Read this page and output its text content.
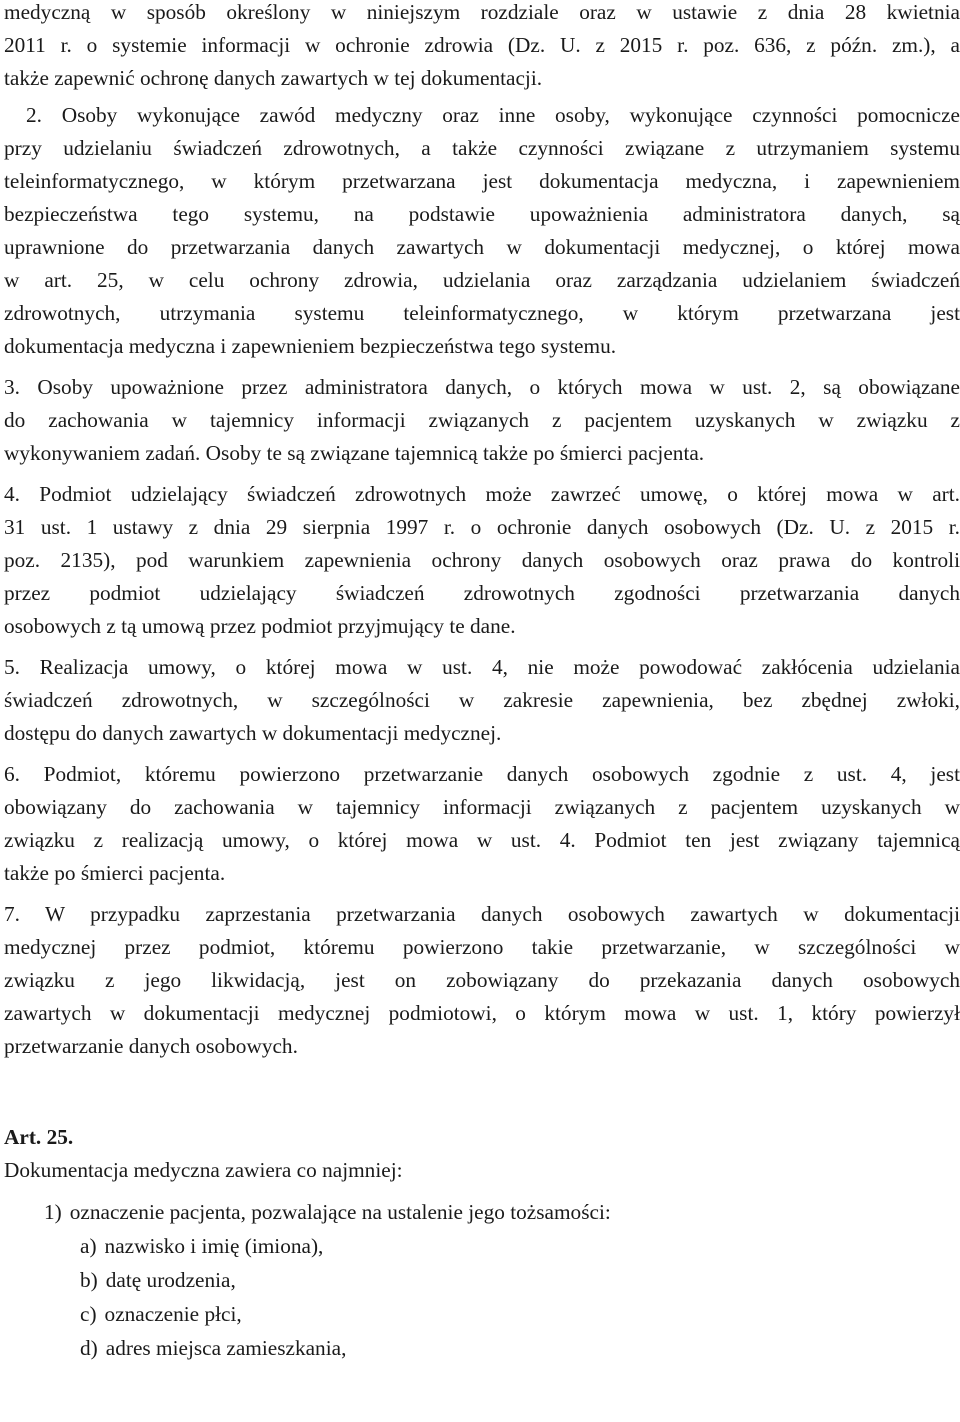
medyczną w sposób określony w niniejszym rozdziale oraz w ustawie z dnia 28 kwietnia
2011 r. o systemie informacji w ochronie zdrowia (Dz. U. z 2015 r. poz. 636, z późn. zm.), a
także zapewnić ochronę danych zawartych w tej dokumentacji.

2. Osoby wykonujące zawód medyczny oraz inne osoby, wykonujące czynności pomocnicze
przy udzielaniu świadczeń zdrowotnych, a także czynności związane z utrzymaniem systemu
teleinformatycznego, w którym przetwarzana jest dokumentacja medyczna, i zapewnieniem
bezpieczeństwa tego systemu, na podstawie upoważnienia administratora danych, są
uprawnione do przetwarzania danych zawartych w dokumentacji medycznej, o której mowa
w art. 25, w celu ochrony zdrowia, udzielania oraz zarządzania udzielaniem świadczeń
zdrowotnych, utrzymania systemu teleinformatycznego, w którym przetwarzana jest
dokumentacja medyczna i zapewnieniem bezpieczeństwa tego systemu.

3. Osoby upoważnione przez administratora danych, o których mowa w ust. 2, są obowiązane
do zachowania w tajemnicy informacji związanych z pacjentem uzyskanych w związku z
wykonywaniem zadań. Osoby te są związane tajemnicą także po śmierci pacjenta.

4. Podmiot udzielający świadczeń zdrowotnych może zawrzeć umowę, o której mowa w art.
31 ust. 1 ustawy z dnia 29 sierpnia 1997 r. o ochronie danych osobowych (Dz. U. z 2015 r.
poz. 2135), pod warunkiem zapewnienia ochrony danych osobowych oraz prawa do kontroli
przez podmiot udzielający świadczeń zdrowotnych zgodności przetwarzania danych
osobowych z tą umową przez podmiot przyjmujący te dane.

5. Realizacja umowy, o której mowa w ust. 4, nie może powodować zakłócenia udzielania
świadczeń zdrowotnych, w szczególności w zakresie zapewnienia, bez zbędnej zwłoki,
dostępu do danych zawartych w dokumentacji medycznej.

6. Podmiot, któremu powierzono przetwarzanie danych osobowych zgodnie z ust. 4, jest
obowiązany do zachowania w tajemnicy informacji związanych z pacjentem uzyskanych w
związku z realizacją umowy, o której mowa w ust. 4. Podmiot ten jest związany tajemnicą
także po śmierci pacjenta.

7. W przypadku zaprzestania przetwarzania danych osobowych zawartych w dokumentacji
medycznej przez podmiot, któremu powierzono takie przetwarzanie, w szczególności w
związku z jego likwidacją, jest on zobowiązany do przekazania danych osobowych
zawartych w dokumentacji medycznej podmiotowi, o którym mowa w ust. 1, który powierzył
przetwarzanie danych osobowych.

Art. 25.

Dokumentacja medyczna zawiera co najmniej:

1) oznaczenie pacjenta, pozwalające na ustalenie jego tożsamości:
a) nazwisko i imię (imiona),
b) datę urodzenia,
c) oznaczenie płci,
d) adres miejsca zamieszkania,
